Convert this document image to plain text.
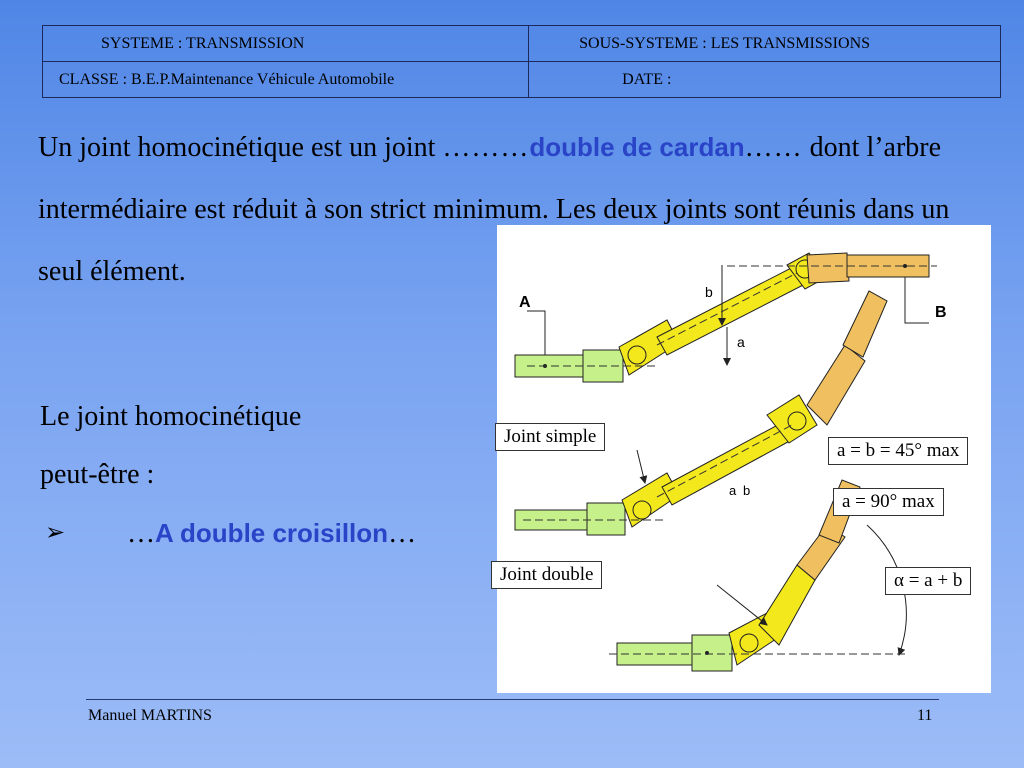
SYSTEME : TRANSMISSION	SOUS-SYSTEME : LES TRANSMISSIONS

CLASSE : B.E.P.Maintenance Véhicule Automobile	DATE :

Un joint homocinétique est un joint ………double de cardan…… dont l’arbre intermédiaire est réduit à son strict minimum. Les deux joints sont réunis dans un seul élément.

Le joint homocinétique
peut-être :
➢ …A double croisillon…
A
B
b
a
a b
Joint simple
Joint double
a = b = 45° max
a = 90° max
α = a + b
Manuel MARTINS	11
